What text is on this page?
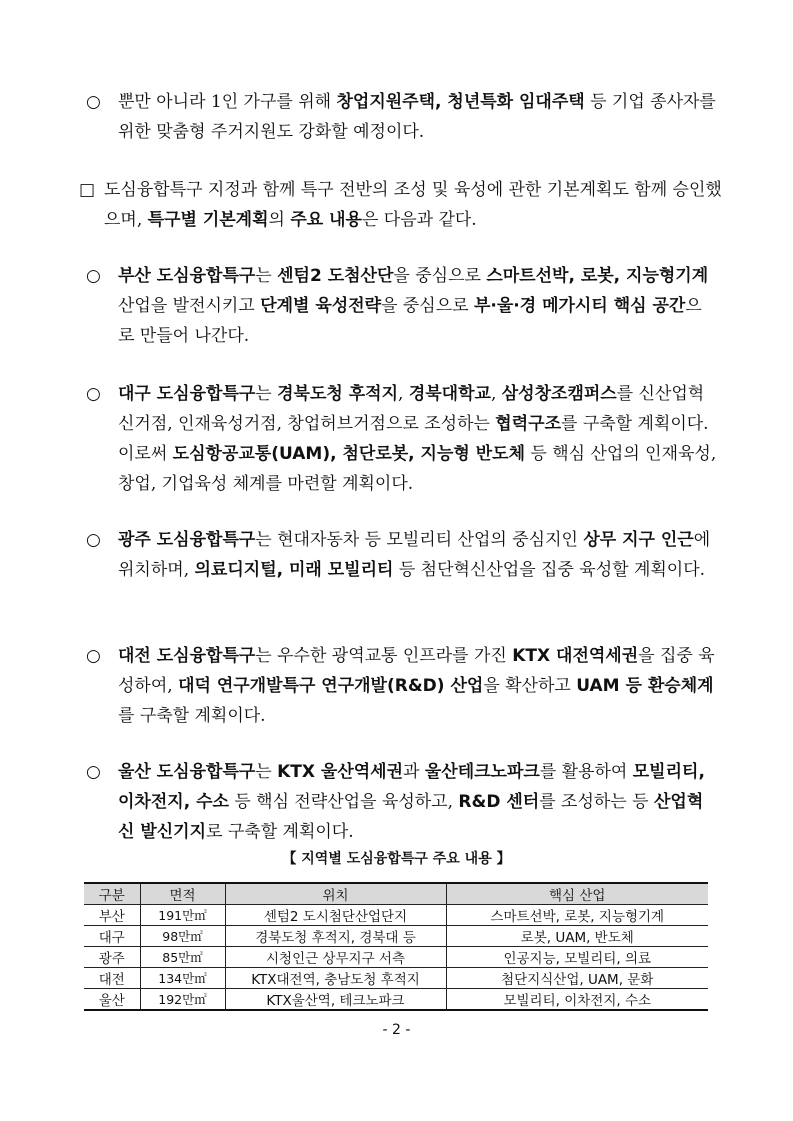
○ 뿐만 아니라 1인 가구를 위해 창업지원주택, 청년특화 임대주택 등 기업 종사자를 위한 맞춤형 주거지원도 강화할 예정이다.
□ 도심융합특구 지정과 함께 특구 전반의 조성 및 육성에 관한 기본계획도 함께 승인했으며, 특구별 기본계획의 주요 내용은 다음과 같다.
○ 부산 도심융합특구는 센텀2 도첨산단을 중심으로 스마트선박, 로봇, 지능형기계 산업을 발전시키고 단계별 육성전략을 중심으로 부·울·경 메가시티 핵심 공간으로 만들어 나간다.
○ 대구 도심융합특구는 경북도청 후적지, 경북대학교, 삼성창조캠퍼스를 신산업혁신거점, 인재육성거점, 창업허브거점으로 조성하는 협력구조를 구축할 계획이다. 이로써 도심항공교통(UAM), 첨단로봇, 지능형 반도체 등 핵심 산업의 인재육성, 창업, 기업육성 체계를 마련할 계획이다.
○ 광주 도심융합특구는 현대자동차 등 모빌리티 산업의 중심지인 상무 지구 인근에 위치하며, 의료디지털, 미래 모빌리티 등 첨단혁신산업을 집중 육성할 계획이다.
○ 대전 도심융합특구는 우수한 광역교통 인프라를 가진 KTX 대전역세권을 집중 육성하여, 대덕 연구개발특구 연구개발(R&D) 산업을 확산하고 UAM 등 환승체계를 구축할 계획이다.
○ 울산 도심융합특구는 KTX 울산역세권과 울산테크노파크를 활용하여 모빌리티, 이차전지, 수소 등 핵심 전략산업을 육성하고, R&D 센터를 조성하는 등 산업혁신 발신기지로 구축할 계획이다.
【 지역별 도심융합특구 주요 내용 】
구분	면적	위치	핵심 산업
부산	191만㎡	센텀2 도시첨단산업단지	스마트선박, 로봇, 지능형기계
대구	98만㎡	경북도청 후적지, 경북대 등	로봇, UAM, 반도체
광주	85만㎡	시청인근 상무지구 서측	인공지능, 모빌리티, 의료
대전	134만㎡	KTX대전역, 충남도청 후적지	첨단지식산업, UAM, 문화
울산	192만㎡	KTX울산역, 테크노파크	모빌리티, 이차전지, 수소
- 2 -
